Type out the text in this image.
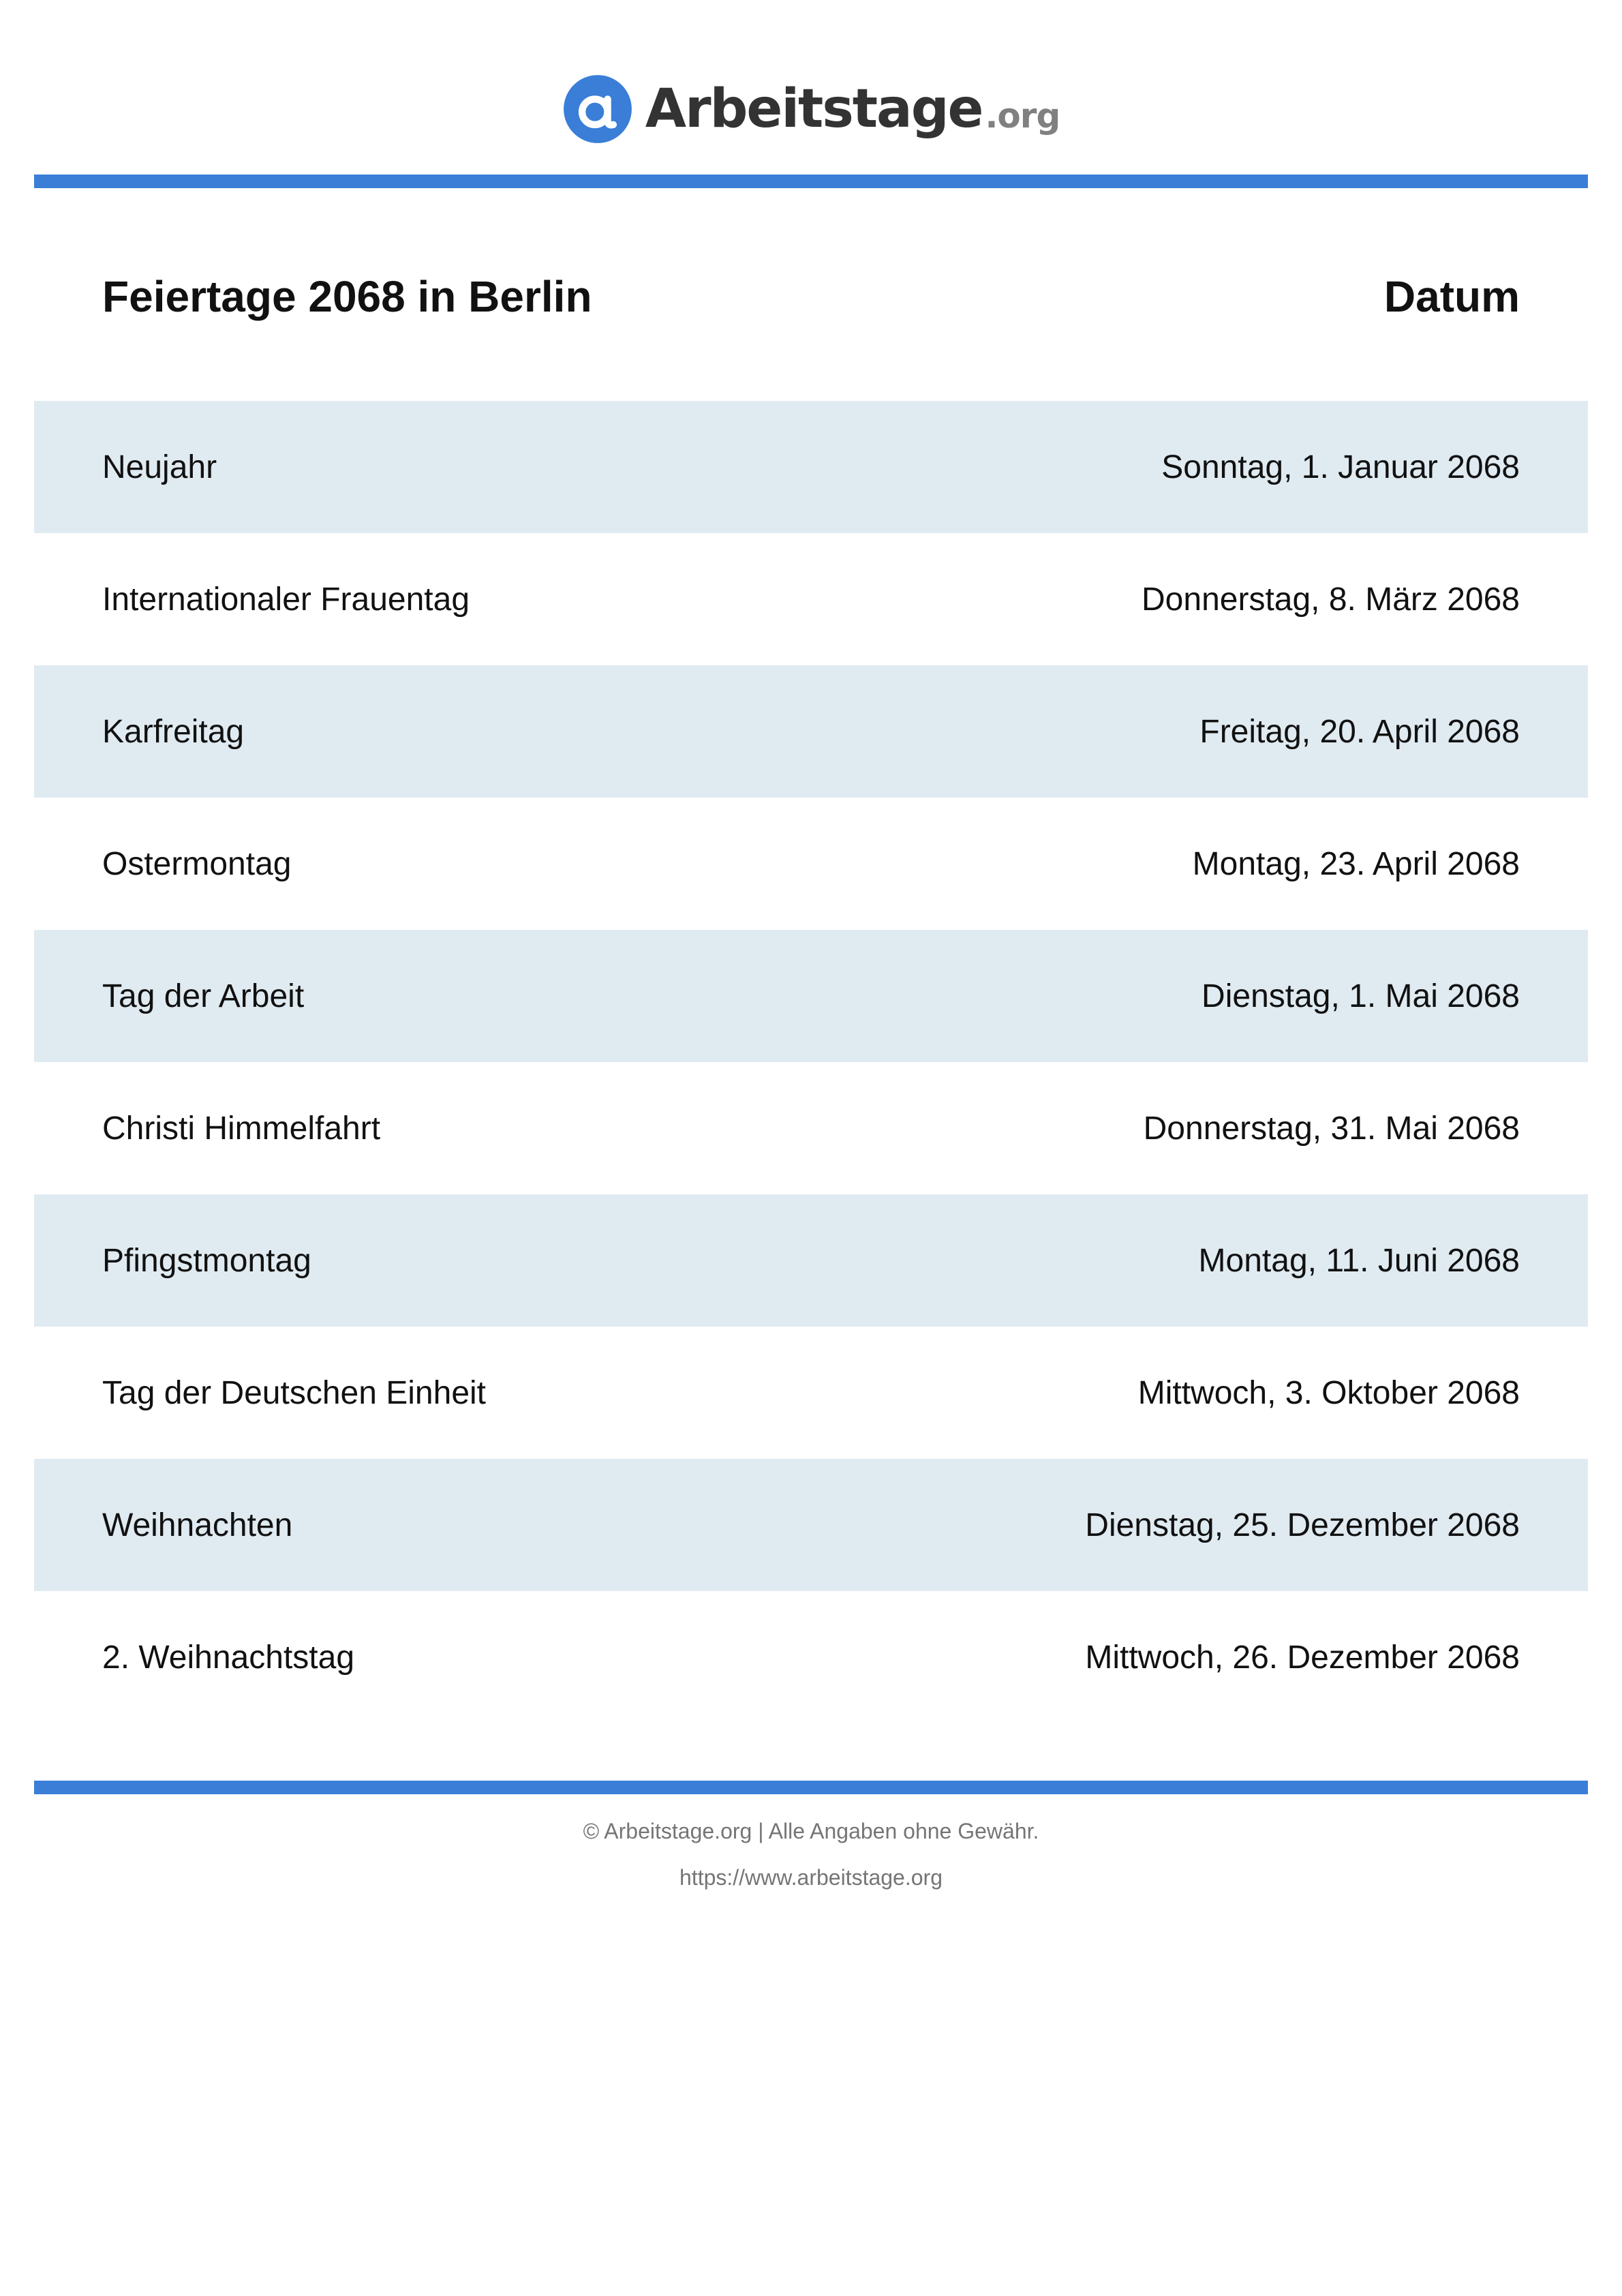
Arbeitstage .org
Feiertage 2068 in Berlin	Datum
Neujahr	Sonntag, 1. Januar 2068
Internationaler Frauentag	Donnerstag, 8. März 2068
Karfreitag	Freitag, 20. April 2068
Ostermontag	Montag, 23. April 2068
Tag der Arbeit	Dienstag, 1. Mai 2068
Christi Himmelfahrt	Donnerstag, 31. Mai 2068
Pfingstmontag	Montag, 11. Juni 2068
Tag der Deutschen Einheit	Mittwoch, 3. Oktober 2068
Weihnachten	Dienstag, 25. Dezember 2068
2. Weihnachtstag	Mittwoch, 26. Dezember 2068
© Arbeitstage.org | Alle Angaben ohne Gewähr.
https://www.arbeitstage.org
